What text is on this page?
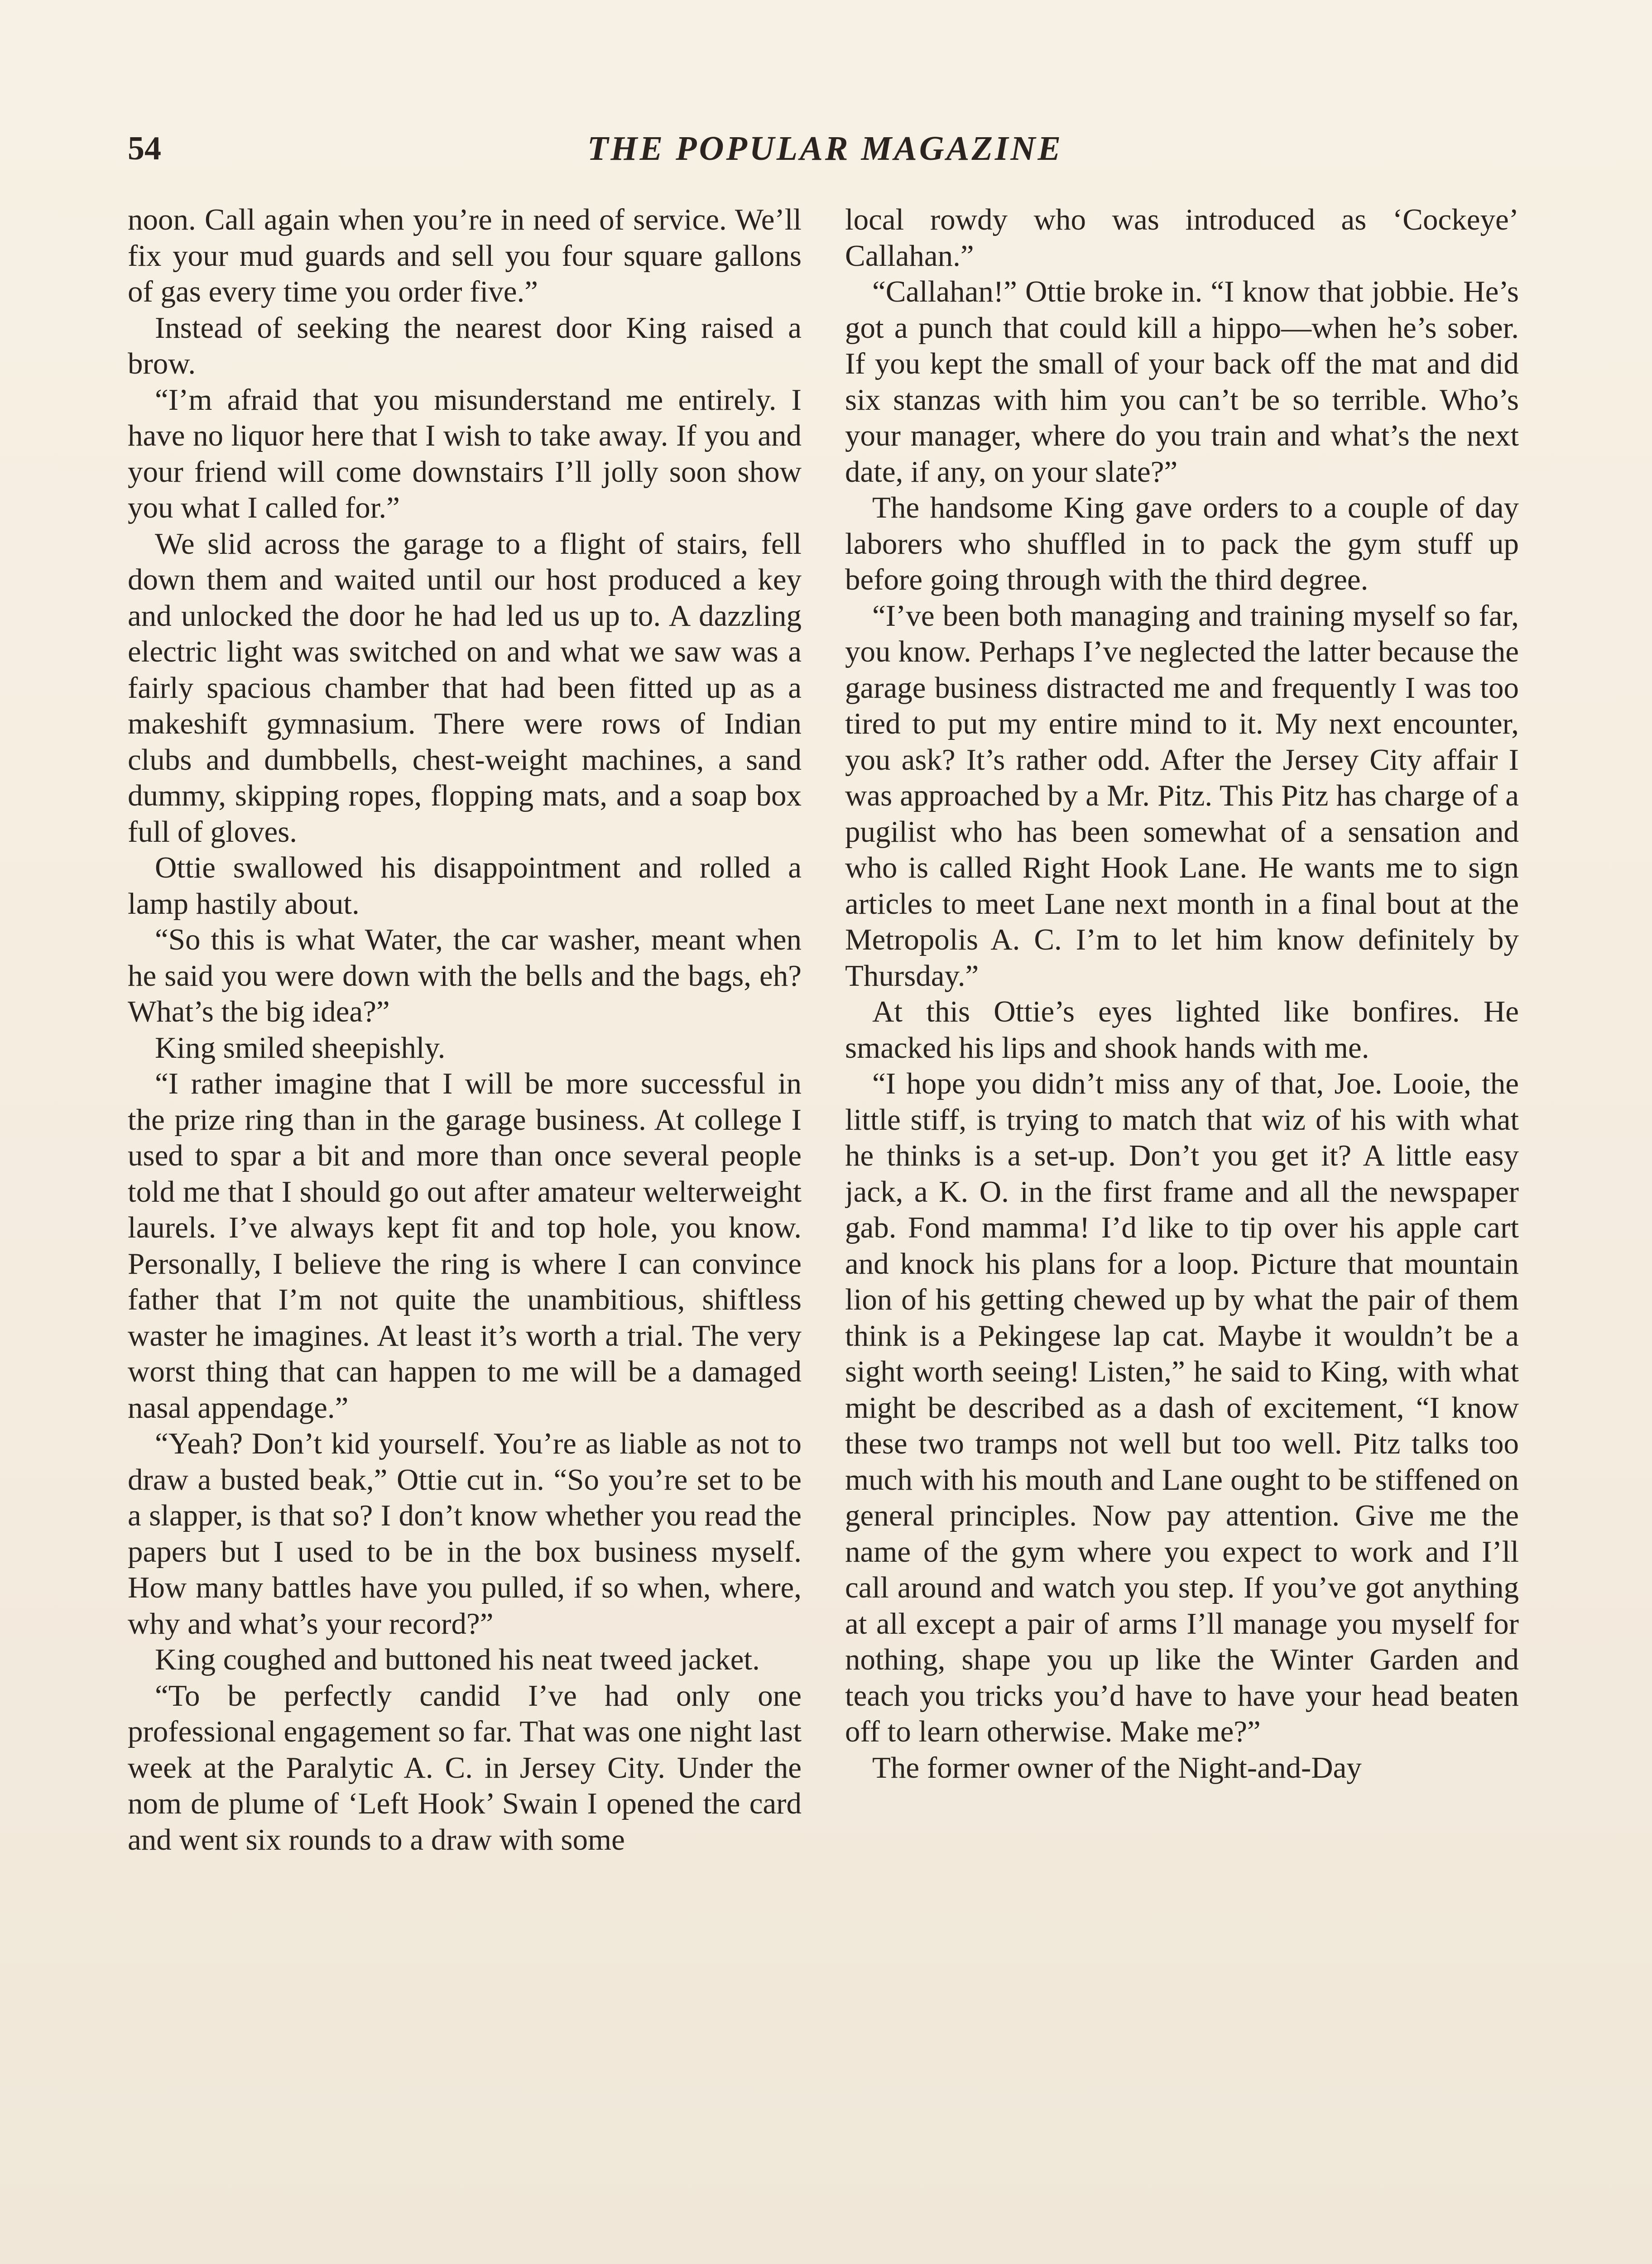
54	THE POPULAR MAGAZINE

noon. Call again when you’re in need of service. We’ll fix your mud guards and sell you four square gallons of gas every time you order five.”

Instead of seeking the nearest door King raised a brow.

“I’m afraid that you misunderstand me entirely. I have no liquor here that I wish to take away. If you and your friend will come downstairs I’ll jolly soon show you what I called for.”

We slid across the garage to a flight of stairs, fell down them and waited until our host produced a key and unlocked the door he had led us up to. A dazzling electric light was switched on and what we saw was a fairly spacious chamber that had been fitted up as a makeshift gymnasium. There were rows of Indian clubs and dumbbells, chest-weight machines, a sand dummy, skipping ropes, flopping mats, and a soap box full of gloves.

Ottie swallowed his disappointment and rolled a lamp hastily about.

“So this is what Water, the car washer, meant when he said you were down with the bells and the bags, eh? What’s the big idea?”

King smiled sheepishly.

“I rather imagine that I will be more successful in the prize ring than in the garage business. At college I used to spar a bit and more than once several people told me that I should go out after amateur welterweight laurels. I’ve always kept fit and top hole, you know. Personally, I believe the ring is where I can convince father that I’m not quite the unambitious, shiftless waster he imagines. At least it’s worth a trial. The very worst thing that can happen to me will be a damaged nasal appendage.”

“Yeah? Don’t kid yourself. You’re as liable as not to draw a busted beak,” Ottie cut in. “So you’re set to be a slapper, is that so? I don’t know whether you read the papers but I used to be in the box business myself. How many battles have you pulled, if so when, where, why and what’s your record?”

King coughed and buttoned his neat tweed jacket.

“To be perfectly candid I’ve had only one professional engagement so far. That was one night last week at the Paralytic A. C. in Jersey City. Under the nom de plume of ‘Left Hook’ Swain I opened the card and went six rounds to a draw with some

local rowdy who was introduced as ‘Cockeye’ Callahan.”

“Callahan!” Ottie broke in. “I know that jobbie. He’s got a punch that could kill a hippo—when he’s sober. If you kept the small of your back off the mat and did six stanzas with him you can’t be so terrible. Who’s your manager, where do you train and what’s the next date, if any, on your slate?”

The handsome King gave orders to a couple of day laborers who shuffled in to pack the gym stuff up before going through with the third degree.

“I’ve been both managing and training myself so far, you know. Perhaps I’ve neglected the latter because the garage business distracted me and frequently I was too tired to put my entire mind to it. My next encounter, you ask? It’s rather odd. After the Jersey City affair I was approached by a Mr. Pitz. This Pitz has charge of a pugilist who has been somewhat of a sensation and who is called Right Hook Lane. He wants me to sign articles to meet Lane next month in a final bout at the Metropolis A. C. I’m to let him know definitely by Thursday.”

At this Ottie’s eyes lighted like bonfires. He smacked his lips and shook hands with me.

“I hope you didn’t miss any of that, Joe. Looie, the little stiff, is trying to match that wiz of his with what he thinks is a set-up. Don’t you get it? A little easy jack, a K. O. in the first frame and all the newspaper gab. Fond mamma! I’d like to tip over his apple cart and knock his plans for a loop. Picture that mountain lion of his getting chewed up by what the pair of them think is a Pekingese lap cat. Maybe it wouldn’t be a sight worth seeing! Listen,” he said to King, with what might be described as a dash of excitement, “I know these two tramps not well but too well. Pitz talks too much with his mouth and Lane ought to be stiffened on general principles. Now pay attention. Give me the name of the gym where you expect to work and I’ll call around and watch you step. If you’ve got anything at all except a pair of arms I’ll manage you myself for nothing, shape you up like the Winter Garden and teach you tricks you’d have to have your head beaten off to learn otherwise. Make me?”

The former owner of the Night-and-Day
